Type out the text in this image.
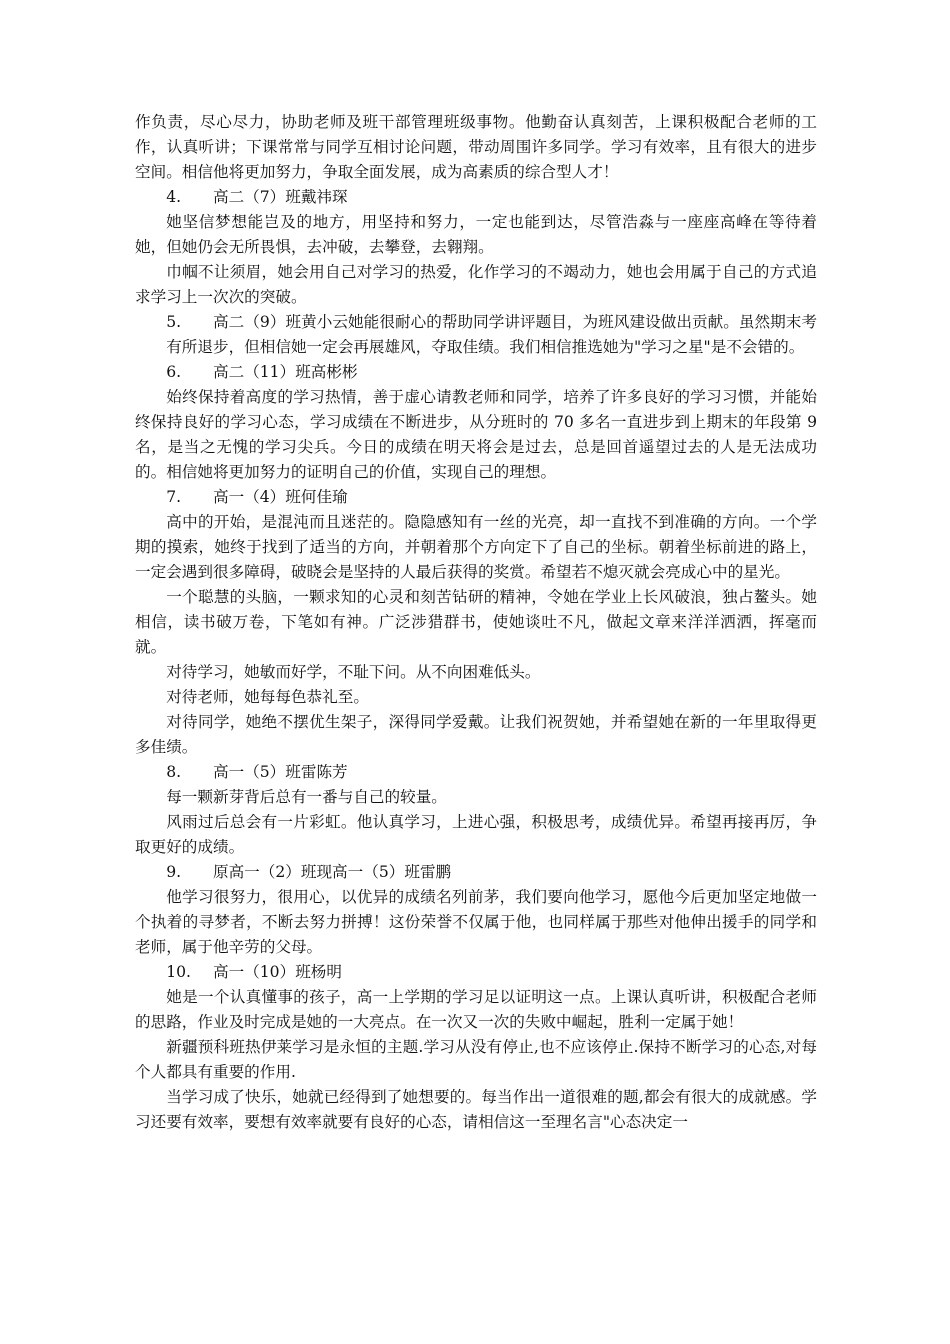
作负责，尽心尽力，协助老师及班干部管理班级事物。他勤奋认真刻苦，上课积极配合老师的工作，认真听讲；下课常常与同学互相讨论问题，带动周围许多同学。学习有效率，且有很大的进步空间。相信他将更加努力，争取全面发展，成为高素质的综合型人才！

4. 高二（7）班戴祎琛

她坚信梦想能岂及的地方，用坚持和努力，一定也能到达，尽管浩淼与一座座高峰在等待着她，但她仍会无所畏惧，去冲破，去攀登，去翱翔。

巾帼不让须眉，她会用自己对学习的热爱，化作学习的不竭动力，她也会用属于自己的方式追求学习上一次次的突破。

5. 高二（9）班黄小云她能很耐心的帮助同学讲评题目，为班风建设做出贡献。虽然期末考有所退步，但相信她一定会再展雄风，夺取佳绩。我们相信推选她为"学习之星"是不会错的。

6. 高二（11）班高彬彬

始终保持着高度的学习热情，善于虚心请教老师和同学，培养了许多良好的学习习惯，并能始终保持良好的学习心态，学习成绩在不断进步，从分班时的 70 多名一直进步到上期末的年段第 9 名，是当之无愧的学习尖兵。今日的成绩在明天将会是过去，总是回首遥望过去的人是无法成功的。相信她将更加努力的证明自己的价值，实现自己的理想。

7. 高一（4）班何佳瑜

高中的开始，是混沌而且迷茫的。隐隐感知有一丝的光亮，却一直找不到准确的方向。一个学期的摸索，她终于找到了适当的方向，并朝着那个方向定下了自己的坐标。朝着坐标前进的路上，一定会遇到很多障碍，破晓会是坚持的人最后获得的奖赏。希望若不熄灭就会亮成心中的星光。

一个聪慧的头脑，一颗求知的心灵和刻苦钻研的精神，令她在学业上长风破浪，独占鳌头。她相信，读书破万卷，下笔如有神。广泛涉猎群书，使她谈吐不凡，做起文章来洋洋洒洒，挥毫而就。

对待学习，她敏而好学，不耻下问。从不向困难低头。

对待老师，她每每色恭礼至。

对待同学，她绝不摆优生架子，深得同学爱戴。让我们祝贺她，并希望她在新的一年里取得更多佳绩。

8. 高一（5）班雷陈芳

每一颗新芽背后总有一番与自己的较量。

风雨过后总会有一片彩虹。他认真学习，上进心强，积极思考，成绩优异。希望再接再厉，争取更好的成绩。

9. 原高一（2）班现高一（5）班雷鹏

他学习很努力，很用心，以优异的成绩名列前茅，我们要向他学习，愿他今后更加坚定地做一个执着的寻梦者，不断去努力拼搏！这份荣誉不仅属于他，也同样属于那些对他伸出援手的同学和老师，属于他辛劳的父母。

10. 高一（10）班杨明

她是一个认真懂事的孩子，高一上学期的学习足以证明这一点。上课认真听讲，积极配合老师的思路，作业及时完成是她的一大亮点。在一次又一次的失败中崛起，胜利一定属于她！

新疆预科班热伊莱学习是永恒的主题.学习从没有停止,也不应该停止.保持不断学习的心态,对每个人都具有重要的作用.

当学习成了快乐，她就已经得到了她想要的。每当作出一道很难的题,都会有很大的成就感。学习还要有效率，要想有效率就要有良好的心态，请相信这一至理名言"心态决定一
